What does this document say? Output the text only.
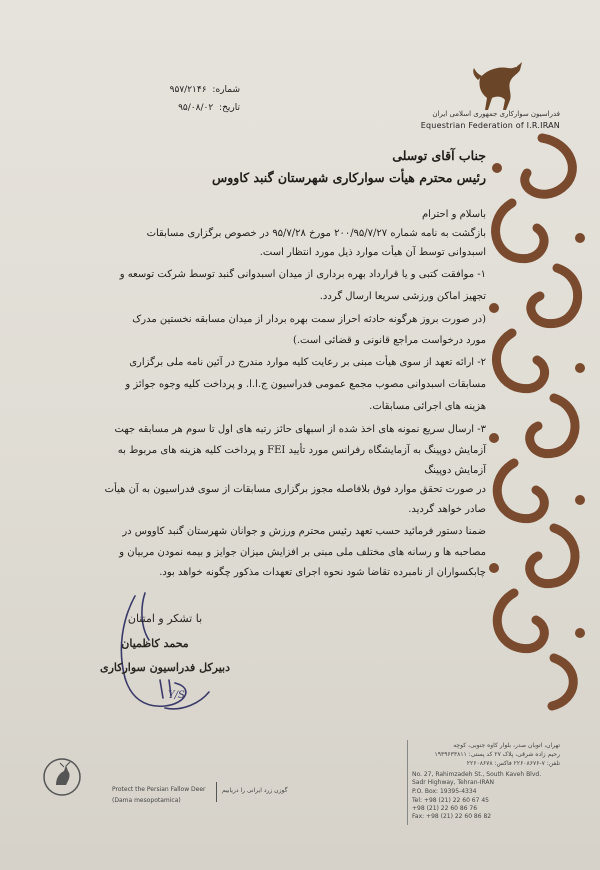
فدراسیون سوارکاری جمهوری اسلامی ایران
Equestrian Federation of I.R.IRAN
شماره: ۹۵۷/۲۱۴۶
تاریخ: ۹۵/۰۸/۰۲
جناب آقای توسلی
رئیس محترم هیأت سوارکاری شهرستان گنبد کاووس
باسلام و احترام
بازگشت به نامه شماره ۲۰۰/۹۵/۷/۲۷ مورخ ۹۵/۷/۲۸ در خصوص برگزاری مسابقات
اسبدوانی توسط آن هیأت موارد ذیل مورد انتظار است.
۱- موافقت کتبی و یا قرارداد بهره برداری از میدان اسبدوانی گنبد توسط شرکت توسعه و
تجهیز اماکن ورزشی سریعا ارسال گردد.
(در صورت بروز هرگونه حادثه احراز سمت بهره بردار از میدان مسابقه نخستین مدرک
مورد درخواست مراجع قانونی و قضائی است.)
۲- ارائه تعهد از سوی هیأت مبنی بر رعایت کلیه موارد مندرج در آئین نامه ملی برگزاری
مسابقات اسبدوانی مصوب مجمع عمومی فدراسیون ج.ا.ا. و پرداخت کلیه وجوه جوائز و
هزینه های اجرائی مسابقات.
۳- ارسال سریع نمونه های اخذ شده از اسبهای حائز رتبه های اول تا سوم هر مسابقه جهت
آزمایش دوپینگ به آزمایشگاه رفرانس مورد تأیید FEI و پرداخت کلیه هزینه های مربوط به
آزمایش دوپینگ
در صورت تحقق موارد فوق بلافاصله مجوز برگزاری مسابقات از سوی فدراسیون به آن هیأت
صادر خواهد گردید.
ضمنا دستور فرمائید حسب تعهد رئیس محترم ورزش و جوانان شهرستان گنبد کاووس در
مصاحبه ها و رسانه های مختلف ملی مبنی بر افزایش میزان جوایز و بیمه نمودن مربیان و
چابکسواران از نامبرده تقاضا شود نحوه اجرای تعهدات مذکور چگونه خواهد بود.
با تشکر و امتنان
محمد کاظمیان
دبیرکل فدراسیون سوارکاری
Y/S
تهران، اتوبان صدر، بلوار کاوه جنوبی، کوچه
رحیم زاده شرقی، پلاک ۲۷ کد پستی: ۱۹۳۹۶۳۳۸۱۱
تلفن: ۷-۲۲۶۰۸۶۷۶ فاکس: ۲۲۶۰۸۶۷۸
No. 27, Rahimzadeh St., South Kaveh Blvd.
Sadr Highway, Tehran-IRAN
P.O. Box: 19395-4334
Tel: +98 (21) 22 60 67 45
+98 (21) 22 60 86 76
Fax: +98 (21) 22 60 86 82
Protect the Persian Fallow Deer
(Dama mesopotamica)
گوزن زرد ایرانی را دریابیم
